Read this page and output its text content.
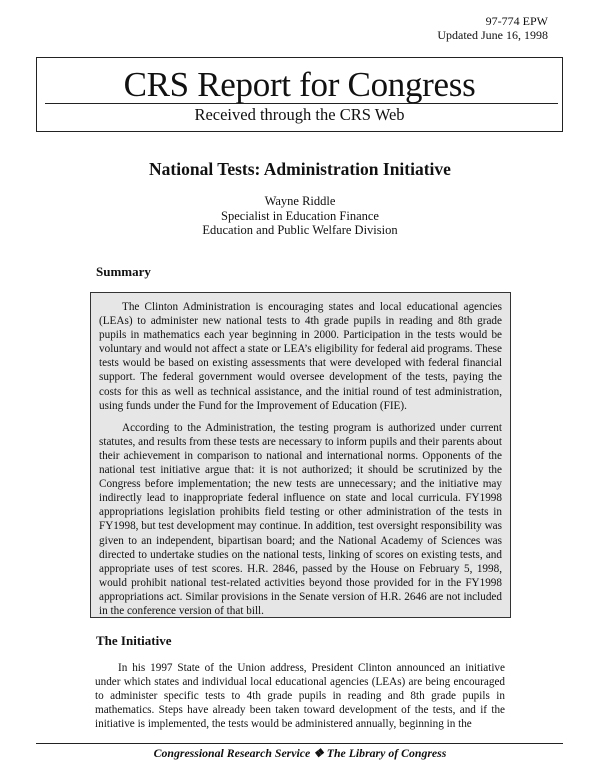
97-774 EPW
Updated June 16, 1998
CRS Report for Congress
Received through the CRS Web
National Tests: Administration Initiative
Wayne Riddle
Specialist in Education Finance
Education and Public Welfare Division
Summary

The Clinton Administration is encouraging states and local educational agencies (LEAs) to administer new national tests to 4th grade pupils in reading and 8th grade pupils in mathematics each year beginning in 2000. Participation in the tests would be voluntary and would not affect a state or LEA’s eligibility for federal aid programs. These tests would be based on existing assessments that were developed with federal financial support. The federal government would oversee development of the tests, paying the costs for this as well as technical assistance, and the initial round of test administration, using funds under the Fund for the Improvement of Education (FIE).

According to the Administration, the testing program is authorized under current statutes, and results from these tests are necessary to inform pupils and their parents about their achievement in comparison to national and international norms. Opponents of the national test initiative argue that: it is not authorized; it should be scrutinized by the Congress before implementation; the new tests are unnecessary; and the initiative may indirectly lead to inappropriate federal influence on state and local curricula. FY1998 appropriations legislation prohibits field testing or other administration of the tests in FY1998, but test development may continue. In addition, test oversight responsibility was given to an independent, bipartisan board; and the National Academy of Sciences was directed to undertake studies on the national tests, linking of scores on existing tests, and appropriate uses of test scores. H.R. 2846, passed by the House on February 5, 1998, would prohibit national test-related activities beyond those provided for in the FY1998 appropriations act. Similar provisions in the Senate version of H.R. 2646 are not included in the conference version of that bill.

The Initiative

In his 1997 State of the Union address, President Clinton announced an initiative under which states and individual local educational agencies (LEAs) are being encouraged to administer specific tests to 4th grade pupils in reading and 8th grade pupils in mathematics. Steps have already been taken toward development of the tests, and if the initiative is implemented, the tests would be administered annually, beginning in the

Congressional Research Service ❖ The Library of Congress
